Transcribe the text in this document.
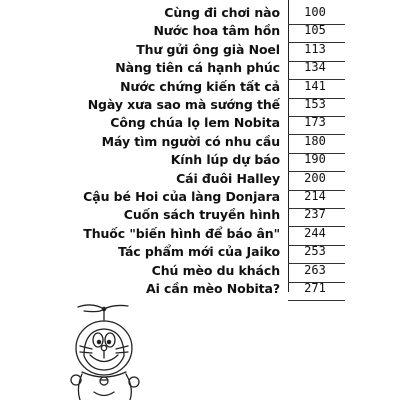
Cùng đi chơi nào 100
Nước hoa tâm hồn 105
Thư gửi ông già Noel 113
Nàng tiên cá hạnh phúc 134
Nước chứng kiến tất cả 141
Ngày xưa sao mà sướng thế 153
Công chúa lọ lem Nobita 173
Máy tìm người có nhu cầu 180
Kính lúp dự báo 190
Cái đuôi Halley 200
Cậu bé Hoi của làng Donjara 214
Cuốn sách truyền hình 237
Thuốc "biến hình để báo ân" 244
Tác phẩm mới của Jaiko 253
Chú mèo du khách 263
Ai cần mèo Nobita? 271
